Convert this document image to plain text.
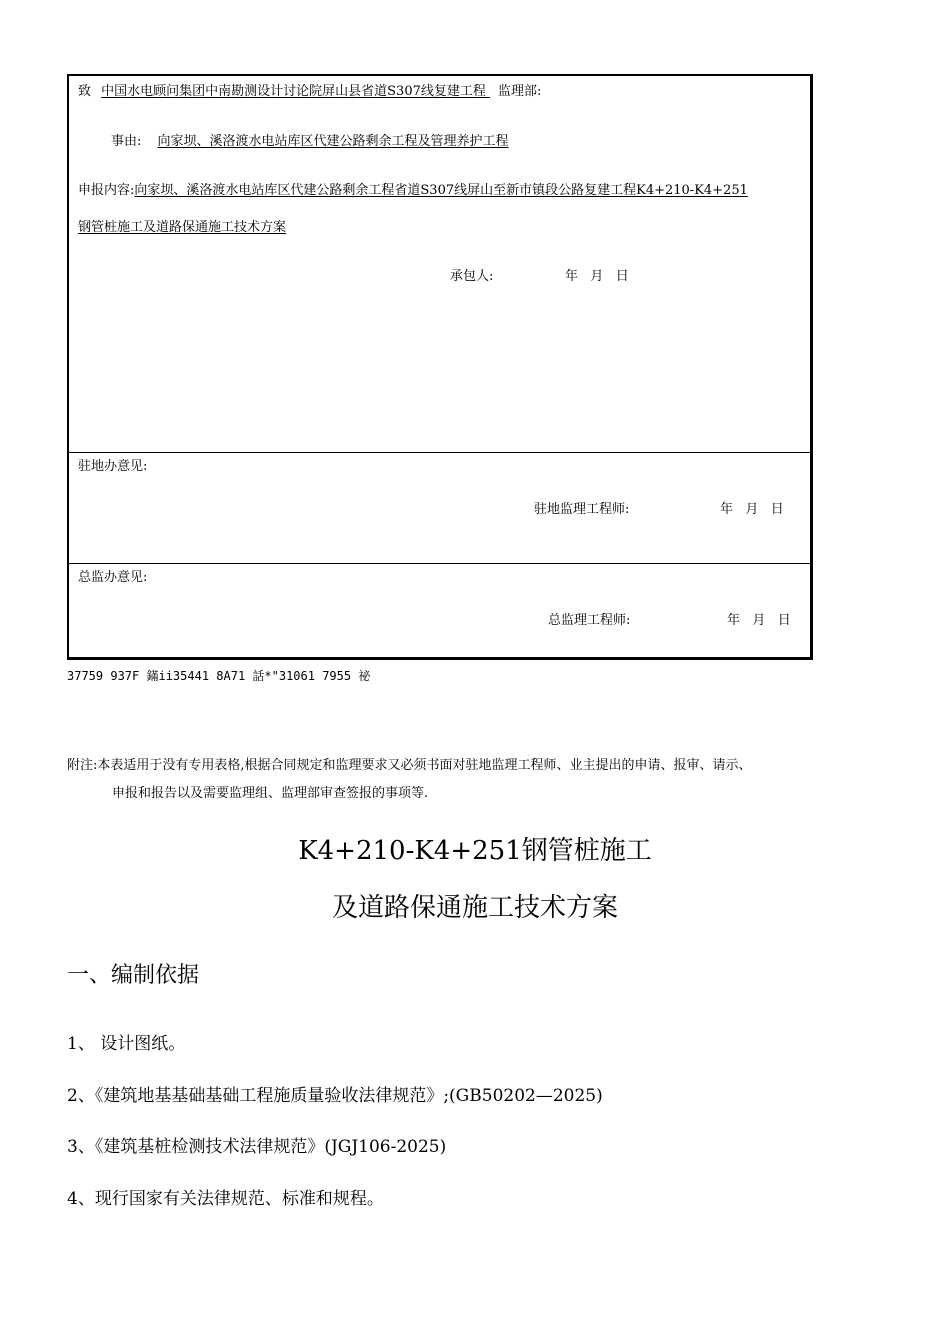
致 中国水电顾问集团中南勘测设计讨论院屏山县省道S307线复建工程 监理部:
事由: 向家坝、溪洛渡水电站库区代建公路剩余工程及管理养护工程
申报内容:向家坝、溪洛渡水电站库区代建公路剩余工程省道S307线屏山至新市镇段公路复建工程K4+210-K4+251
钢管桩施工及道路保通施工技术方案
承包人:	年   月   日
驻地办意见:
驻地监理工程师:	年   月   日
总监办意见:
总监理工程师:	年   月   日
37759 937F 鏋ii35441 8A71 話*"31061 7955 祕
附注:本表适用于没有专用表格,根据合同规定和监理要求又必须书面对驻地监理工程师、业主提出的申请、报审、请示、
申报和报告以及需要监理组、监理部审查签报的事项等.
K4+210-K4+251钢管桩施工
及道路保通施工技术方案
一、编制依据
1、 设计图纸。
2、《建筑地基基础基础工程施质量验收法律规范》;(GB50202—2025)
3、《建筑基桩检测技术法律规范》(JGJ106-2025)
4、现行国家有关法律规范、标准和规程。
